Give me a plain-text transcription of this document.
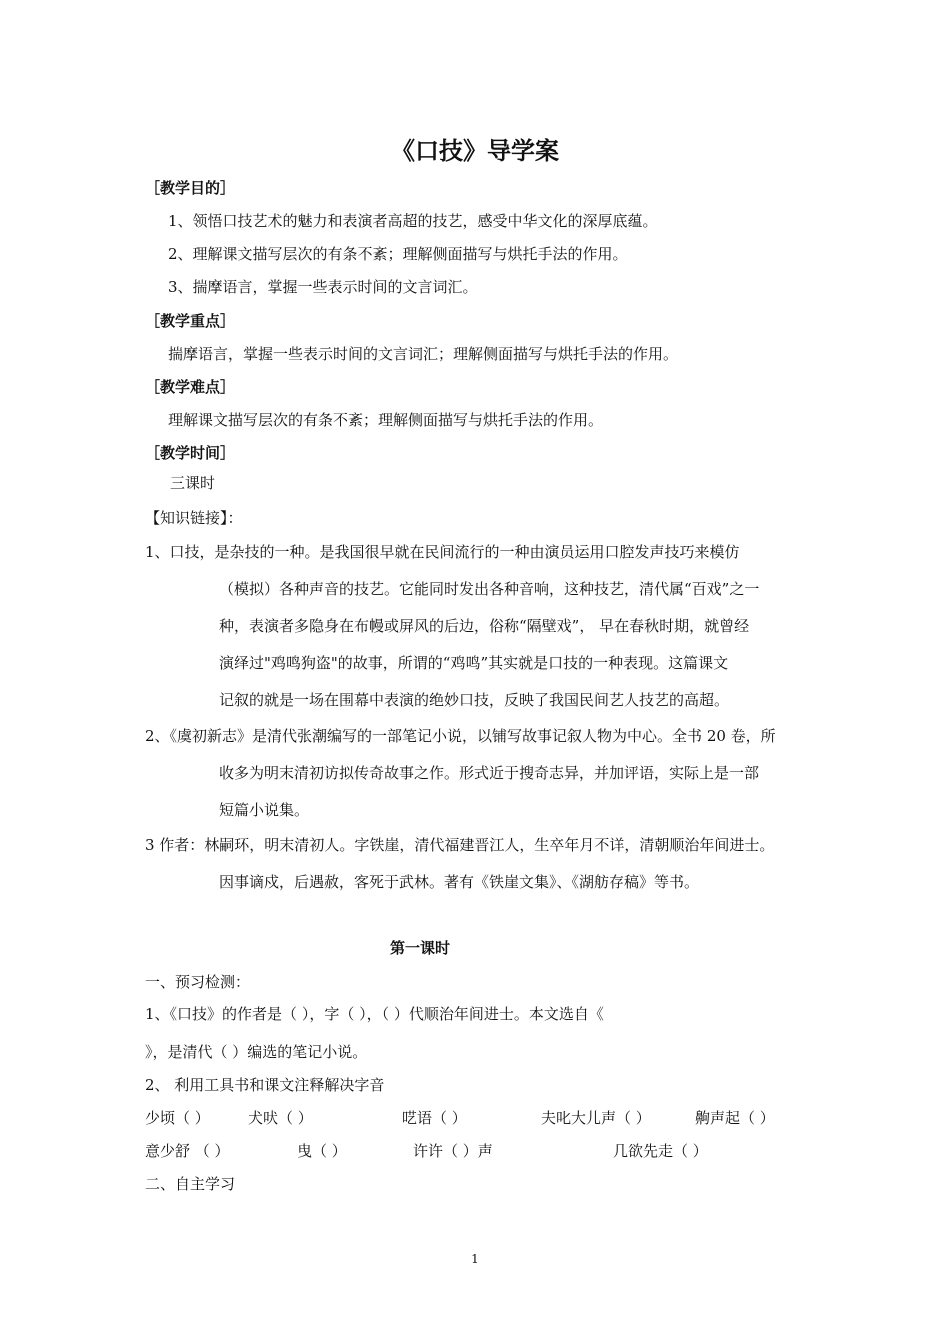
《口技》导学案
［教学目的］
1、领悟口技艺术的魅力和表演者高超的技艺，感受中华文化的深厚底蕴。
2、理解课文描写层次的有条不紊；理解侧面描写与烘托手法的作用。
3、揣摩语言，掌握一些表示时间的文言词汇。
［教学重点］
揣摩语言，掌握一些表示时间的文言词汇；理解侧面描写与烘托手法的作用。
［教学难点］
理解课文描写层次的有条不紊；理解侧面描写与烘托手法的作用。
［教学时间］
三课时
【知识链接】：
1、口技，是杂技的一种。是我国很早就在民间流行的一种由演员运用口腔发声技巧来模仿
（模拟）各种声音的技艺。它能同时发出各种音响，这种技艺，清代属“百戏”之一
种，表演者多隐身在布幔或屏风的后边，俗称“隔壁戏”， 早在春秋时期，就曾经
演绎过"鸡鸣狗盗"的故事，所谓的“鸡鸣”其实就是口技的一种表现。这篇课文
记叙的就是一场在围幕中表演的绝妙口技，反映了我国民间艺人技艺的高超。
2、《虞初新志》是清代张潮编写的一部笔记小说，以铺写故事记叙人物为中心。全书 20 卷，所
收多为明末清初访拟传奇故事之作。形式近于搜奇志异，并加评语，实际上是一部
短篇小说集。
3 作者：林嗣环，明末清初人。字铁崖，清代福建晋江人，生卒年月不详，清朝顺治年间进士。
因事谪戍，后遇赦，客死于武林。著有《铁崖文集》、《湖舫存稿》等书。
第一课时
一、预习检测：
1、《口技》的作者是（ ），字（ ），（ ）代顺治年间进士。本文选自《
》，是清代（ ）编选的笔记小说。
2、 利用工具书和课文注释解决字音
少顷（ ）	犬吠（ ）	呓语（ ）	夫叱大儿声（ ）	齁声起（ ）
意少舒 （ ）	曳（ ）	许许（ ）声	几欲先走（ ）
二、自主学习
1
